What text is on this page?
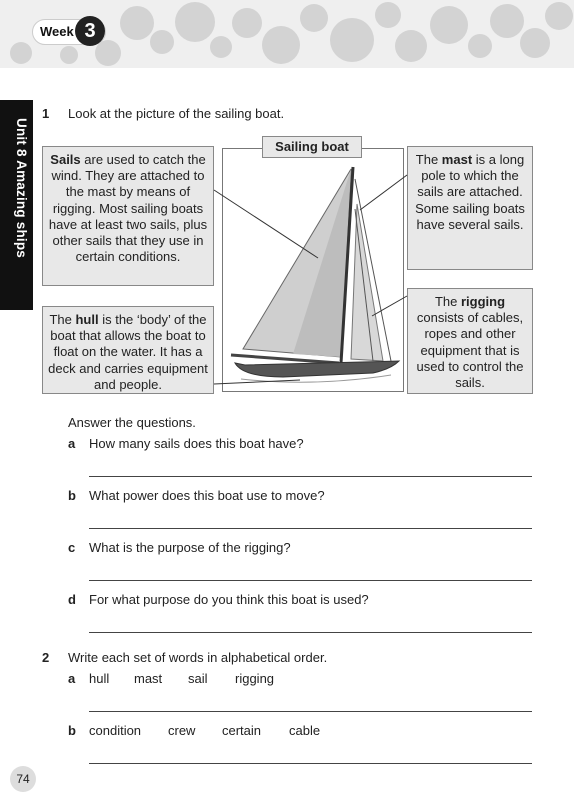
Week 3
Unit 8 Amazing ships
1 Look at the picture of the sailing boat.
Sailing boat
Sails are used to catch the wind. They are attached to the mast by means of rigging. Most sailing boats have at least two sails, plus other sails that they use in certain conditions.
The mast is a long pole to which the sails are attached. Some sailing boats have several sails.
The hull is the ‘body’ of the boat that allows the boat to float on the water. It has a deck and carries equipment and people.
The rigging consists of cables, ropes and other equipment that is used to control the sails.
Answer the questions.
a How many sails does this boat have?
b What power does this boat use to move?
c What is the purpose of the rigging?
d For what purpose do you think this boat is used?
2 Write each set of words in alphabetical order.
a hull mast sail rigging
b condition crew certain cable
74
